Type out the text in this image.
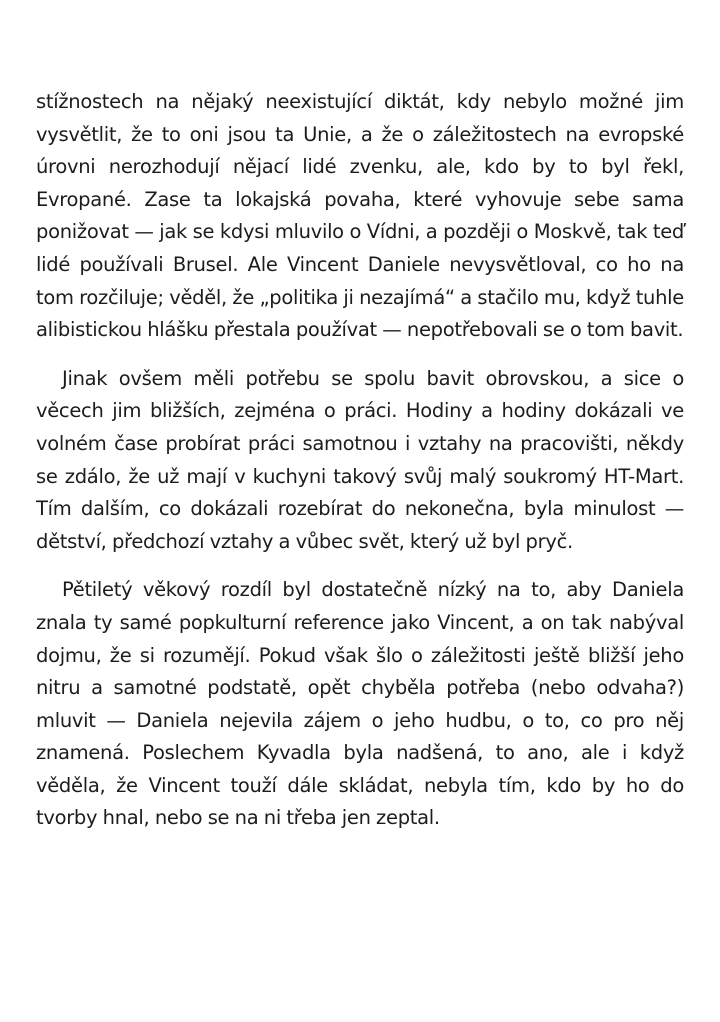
stížnostech na nějaký neexistující diktát, kdy nebylo možné jim vysvětlit, že to oni jsou ta Unie, a že o záležitostech na evropské úrovni nerozhodují nějací lidé zvenku, ale, kdo by to byl řekl, Evropané. Zase ta lokajská povaha, které vyhovuje sebe sama ponižovat — jak se kdysi mluvilo o Vídni, a později o Moskvě, tak teď lidé používali Brusel. Ale Vincent Daniele nevysvětloval, co ho na tom rozčiluje; věděl, že „politika ji nezajímá“ a stačilo mu, když tuhle alibistickou hlášku přestala používat — nepotřebovali se o tom bavit.

Jinak ovšem měli potřebu se spolu bavit obrovskou, a sice o věcech jim bližších, zejména o práci. Hodiny a hodiny dokázali ve volném čase probírat práci samotnou i vztahy na pracovišti, někdy se zdálo, že už mají v kuchyni takový svůj malý soukromý HT-Mart. Tím dalším, co dokázali rozebírat do nekonečna, byla minulost — dětství, předchozí vztahy a vůbec svět, který už byl pryč.

Pětiletý věkový rozdíl byl dostatečně nízký na to, aby Daniela znala ty samé popkulturní reference jako Vincent, a on tak nabýval dojmu, že si rozumějí. Pokud však šlo o záležitosti ještě bližší jeho nitru a samotné podstatě, opět chyběla potřeba (nebo odvaha?) mluvit — Daniela nejevila zájem o jeho hudbu, o to, co pro něj znamená. Poslechem Kyvadla byla nadšená, to ano, ale i když věděla, že Vincent touží dále skládat, nebyla tím, kdo by ho do tvorby hnal, nebo se na ni třeba jen zeptal.
